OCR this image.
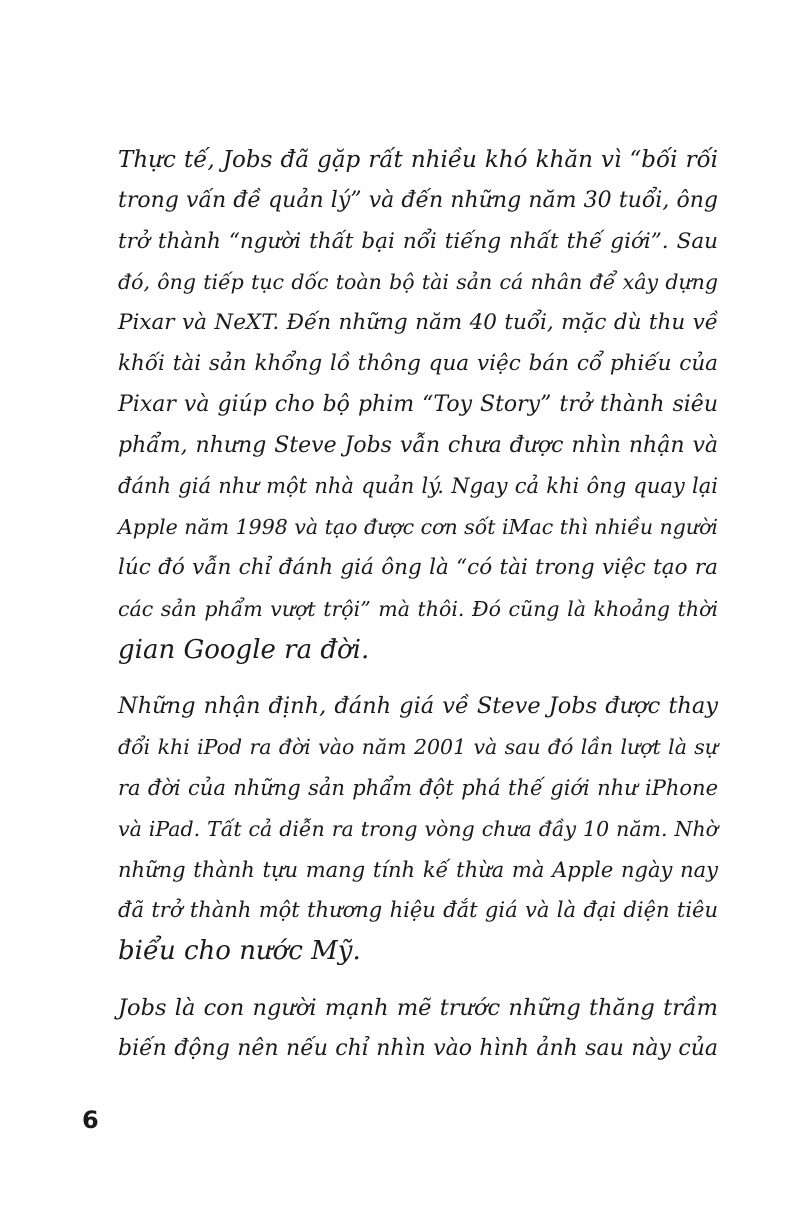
Thực tế, Jobs đã gặp rất nhiều khó khăn vì “bối rối
trong vấn đề quản lý” và đến những năm 30 tuổi, ông
trở thành “người thất bại nổi tiếng nhất thế giới”. Sau
đó, ông tiếp tục dốc toàn bộ tài sản cá nhân để xây dựng
Pixar và NeXT. Đến những năm 40 tuổi, mặc dù thu về
khối tài sản khổng lồ thông qua việc bán cổ phiếu của
Pixar và giúp cho bộ phim “Toy Story” trở thành siêu
phẩm, nhưng Steve Jobs vẫn chưa được nhìn nhận và
đánh giá như một nhà quản lý. Ngay cả khi ông quay lại
Apple năm 1998 và tạo được cơn sốt iMac thì nhiều người
lúc đó vẫn chỉ đánh giá ông là “có tài trong việc tạo ra
các sản phẩm vượt trội” mà thôi. Đó cũng là khoảng thời
gian Google ra đời.

Những nhận định, đánh giá về Steve Jobs được thay
đổi khi iPod ra đời vào năm 2001 và sau đó lần lượt là sự
ra đời của những sản phẩm đột phá thế giới như iPhone
và iPad. Tất cả diễn ra trong vòng chưa đầy 10 năm. Nhờ
những thành tựu mang tính kế thừa mà Apple ngày nay
đã trở thành một thương hiệu đắt giá và là đại diện tiêu
biểu cho nước Mỹ.

Jobs là con người mạnh mẽ trước những thăng trầm
biến động nên nếu chỉ nhìn vào hình ảnh sau này của

6
